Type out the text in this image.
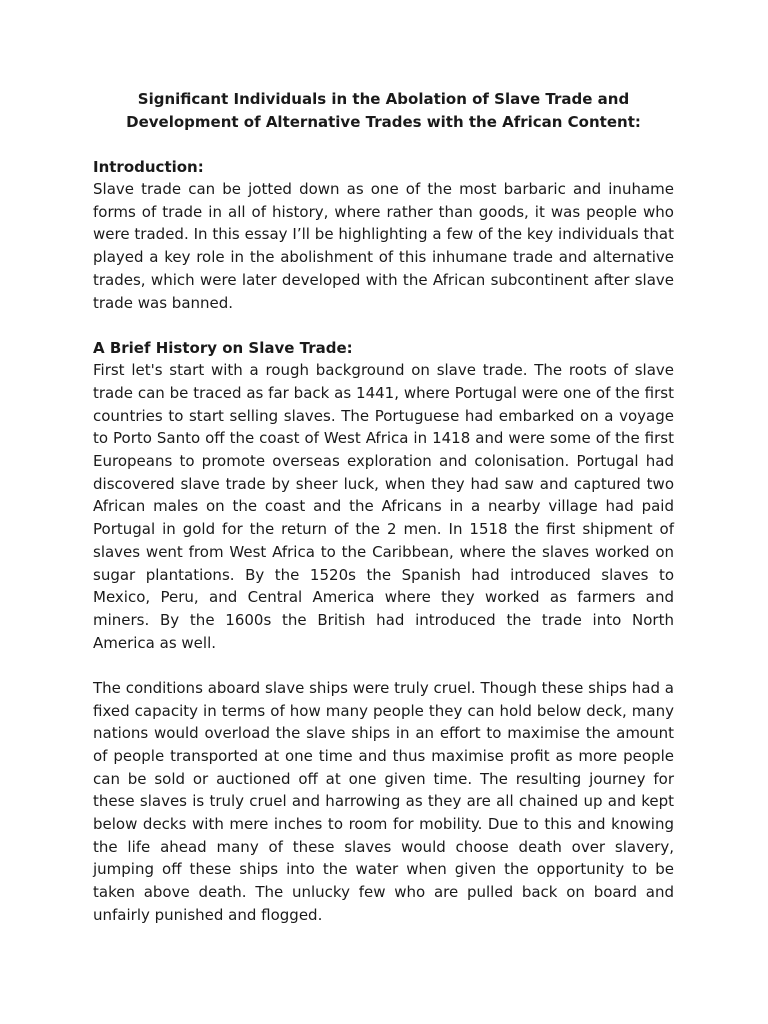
Significant Individuals in the Abolation of Slave Trade and Development of Alternative Trades with the African Content:

Introduction:

Slave trade can be jotted down as one of the most barbaric and inuhame forms of trade in all of history, where rather than goods, it was people who were traded. In this essay I’ll be highlighting a few of the key individuals that played a key role in the abolishment of this inhumane trade and alternative trades, which were later developed with the African subcontinent after slave trade was banned.

A Brief History on Slave Trade:

First let's start with a rough background on slave trade. The roots of slave trade can be traced as far back as 1441, where Portugal were one of the first countries to start selling slaves. The Portuguese had embarked on a voyage to Porto Santo off the coast of West Africa in 1418 and were some of the first Europeans to promote overseas exploration and colonisation. Portugal had discovered slave trade by sheer luck, when they had saw and captured two African males on the coast and the Africans in a nearby village had paid Portugal in gold for the return of the 2 men. In 1518 the first shipment of slaves went from West Africa to the Caribbean, where the slaves worked on sugar plantations. By the 1520s the Spanish had introduced slaves to Mexico, Peru, and Central America where they worked as farmers and miners. By the 1600s the British had introduced the trade into North America as well.

The conditions aboard slave ships were truly cruel. Though these ships had a fixed capacity in terms of how many people they can hold below deck, many nations would overload the slave ships in an effort to maximise the amount of people transported at one time and thus maximise profit as more people can be sold or auctioned off at one given time. The resulting journey for these slaves is truly cruel and harrowing as they are all chained up and kept below decks with mere inches to room for mobility. Due to this and knowing the life ahead many of these slaves would choose death over slavery, jumping off these ships into the water when given the opportunity to be taken above death. The unlucky few who are pulled back on board and unfairly punished and flogged.
